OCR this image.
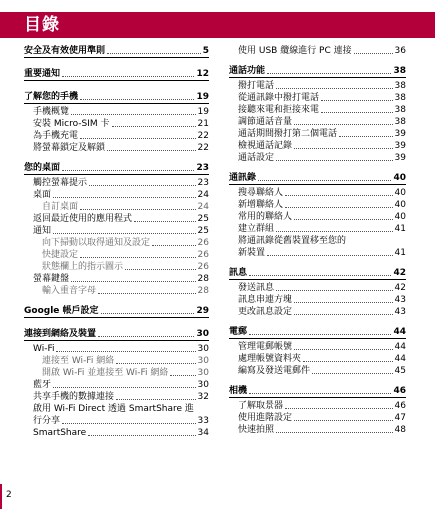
目錄
安全及有效使用準則	5
重要通知	12
了解您的手機	19
手機概覽	19
安裝 Micro-SIM 卡	21
為手機充電	22
將螢幕鎖定及解鎖	22
您的桌面	23
觸控螢幕提示	23
桌面	24
自訂桌面	24
返回最近使用的應用程式	25
通知	25
向下掃動以取得通知及設定	26
快捷設定	26
狀態欄上的指示圖示	26
螢幕鍵盤	28
輸入重音字母	28
Google 帳戶設定	29
連接到網絡及裝置	30
Wi-Fi	30
連接至 Wi-Fi 網絡	30
開啟 Wi-Fi 並連接至 Wi-Fi 網絡	30
藍牙	30
共享手機的數據連接	32
啟用 Wi-Fi Direct 透過 SmartShare 進
行分享	33
SmartShare	34
使用 USB 纜線進行 PC 連接	36
通話功能	38
撥打電話	38
從通訊錄中撥打電話	38
接聽來電和拒接來電	38
調節通話音量	38
通話期間撥打第二個電話	39
檢視通話記錄	39
通話設定	39
通訊錄	40
搜尋聯絡人	40
新增聯絡人	40
常用的聯絡人	40
建立群組	41
將通訊錄從舊裝置移至您的
新裝置	41
訊息	42
發送訊息	42
訊息串連方塊	43
更改訊息設定	43
電郵	44
管理電郵帳號	44
處理帳號資料夾	44
編寫及發送電郵件	45
相機	46
了解取景器	46
使用進階設定	47
快速拍照	48
2
